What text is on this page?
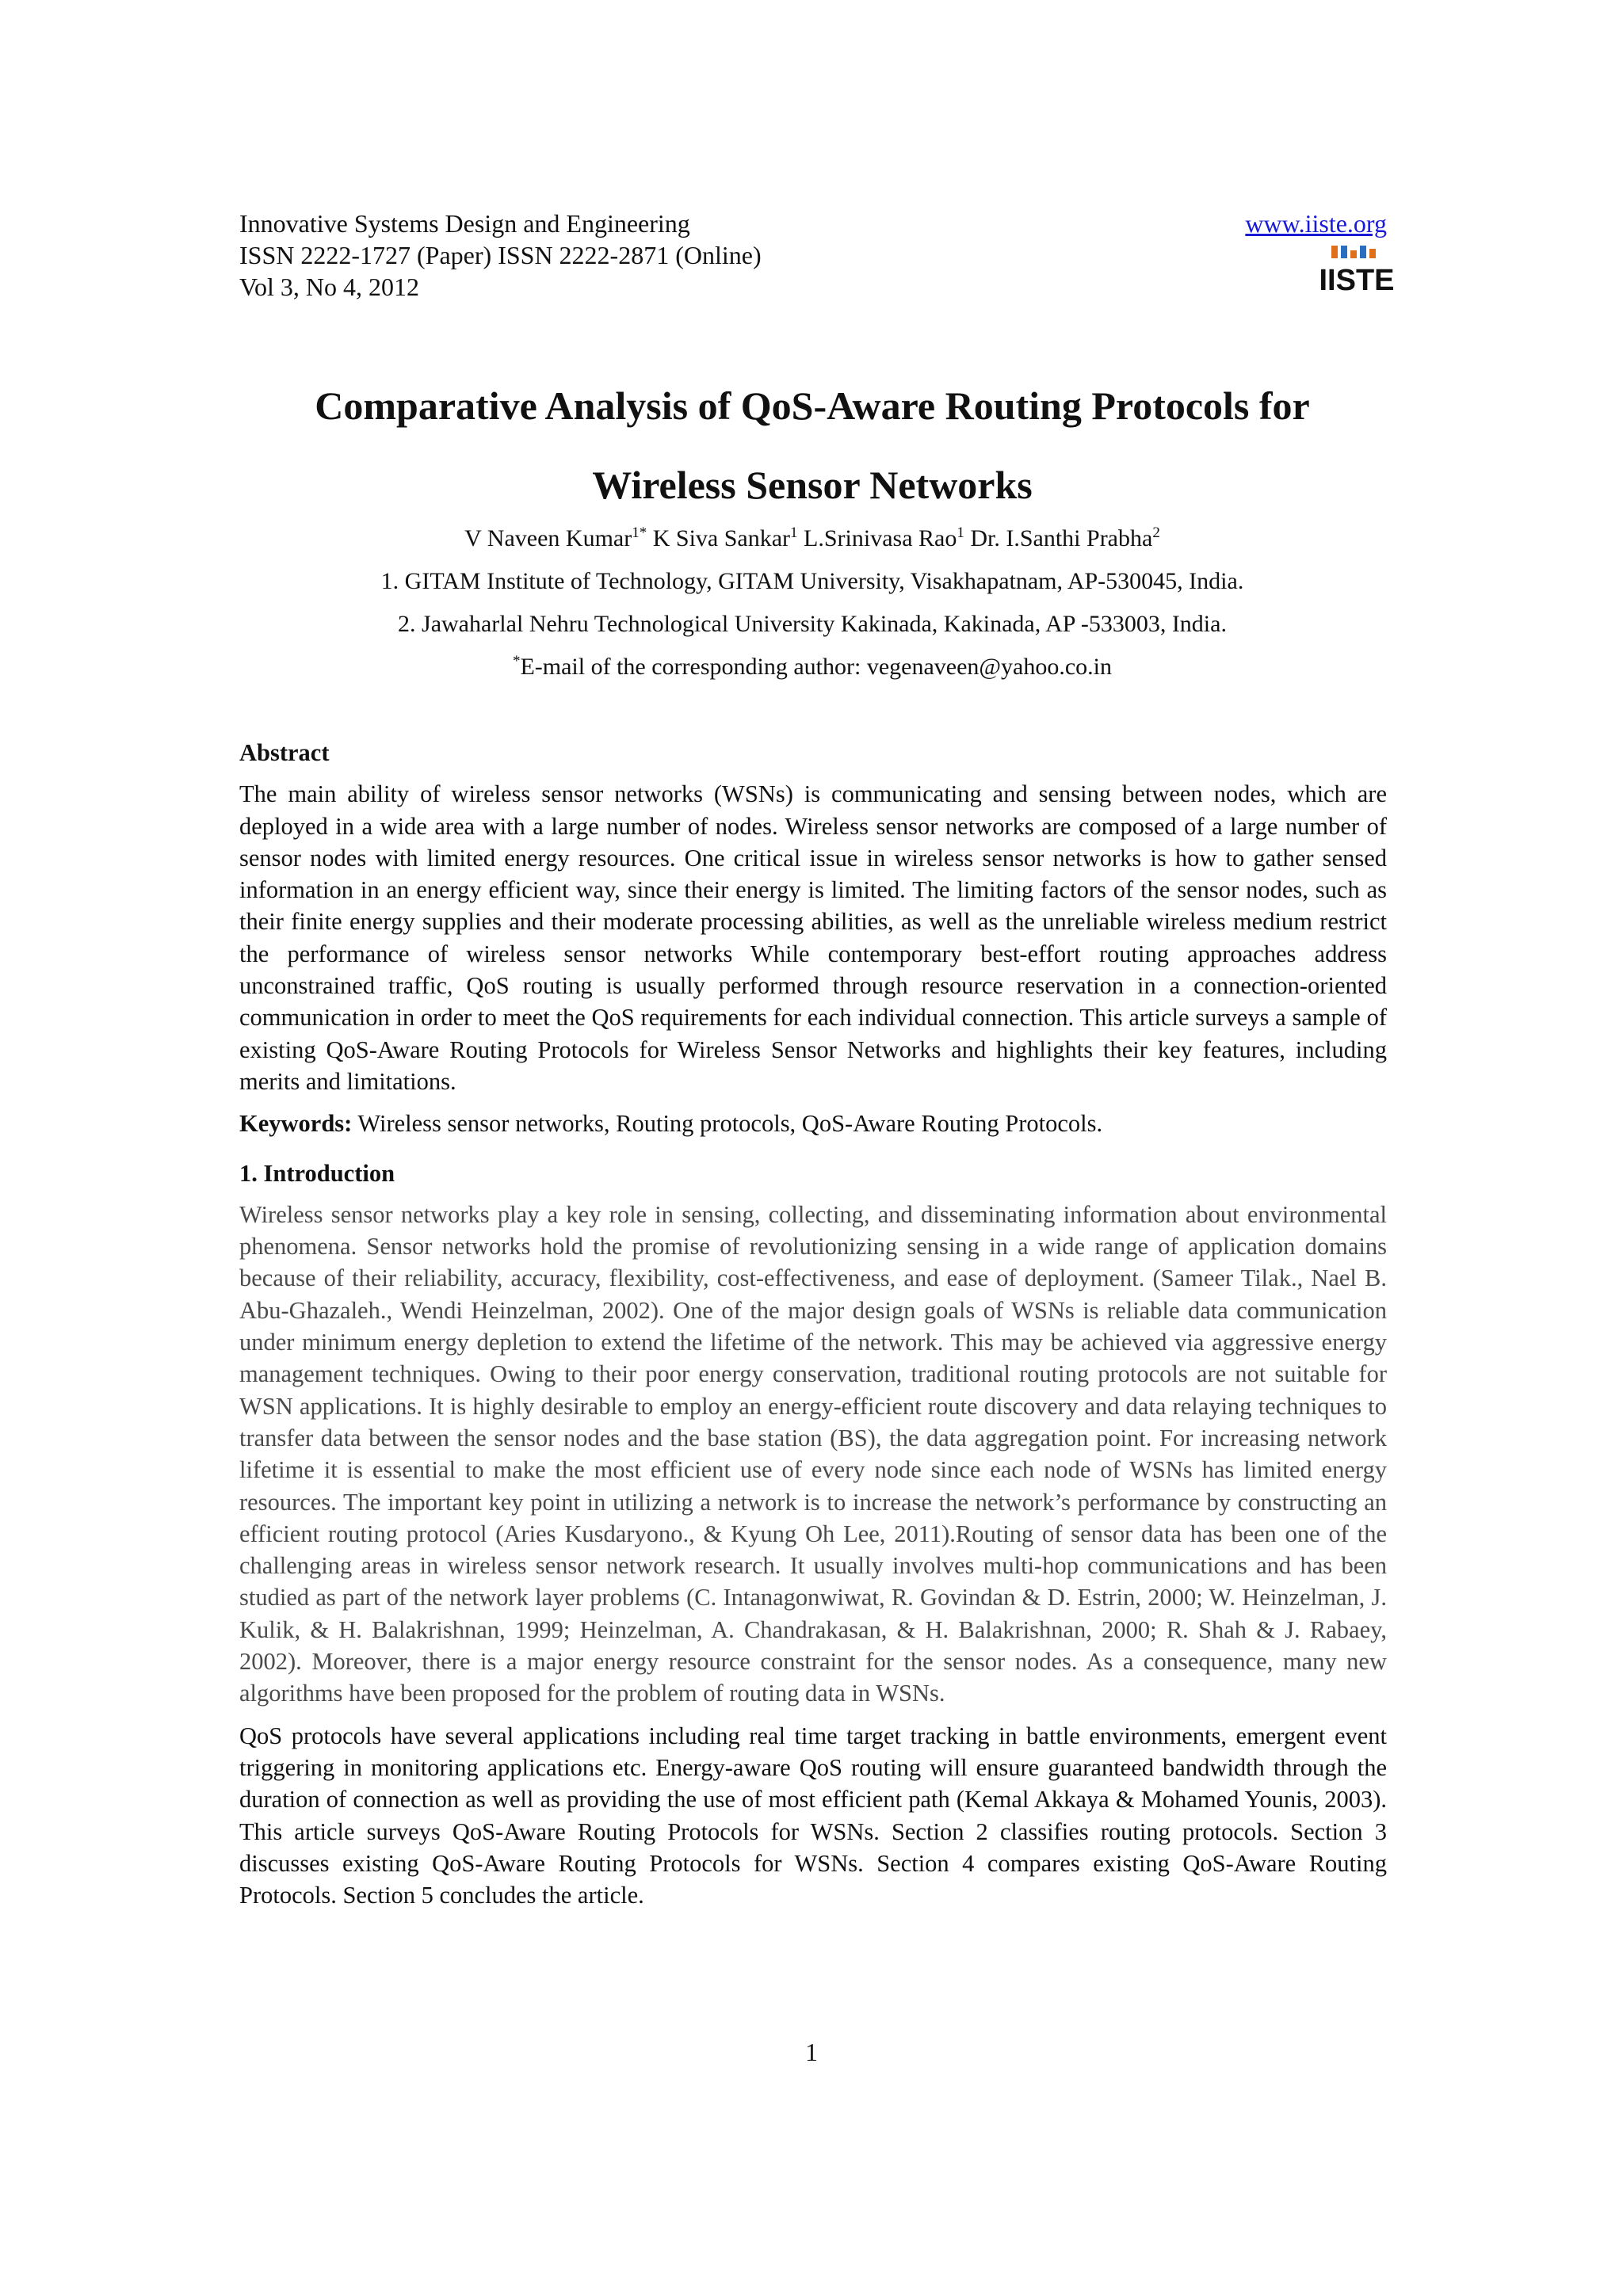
Innovative Systems Design and Engineering
ISSN 2222-1727 (Paper) ISSN 2222-2871 (Online)
Vol 3, No 4, 2012
www.iiste.org
IISTE
Comparative Analysis of QoS-Aware Routing Protocols for
Wireless Sensor Networks
V Naveen Kumar$^{1*}$ K Siva Sankar$^1$ L.Srinivasa Rao$^1$ Dr. I.Santhi Prabha$^2$
1. GITAM Institute of Technology, GITAM University, Visakhapatnam, AP-530045, India.
2. Jawaharlal Nehru Technological University Kakinada, Kakinada, AP -533003, India.
*E-mail of the corresponding author: vegenaveen@yahoo.co.in
Abstract

The main ability of wireless sensor networks (WSNs) is communicating and sensing between nodes, which are deployed in a wide area with a large number of nodes. Wireless sensor networks are composed of a large number of sensor nodes with limited energy resources. One critical issue in wireless sensor networks is how to gather sensed information in an energy efficient way, since their energy is limited. The limiting factors of the sensor nodes, such as their finite energy supplies and their moderate processing abilities, as well as the unreliable wireless medium restrict the performance of wireless sensor networks While contemporary best-effort routing approaches address unconstrained traffic, QoS routing is usually performed through resource reservation in a connection-oriented communication in order to meet the QoS requirements for each individual connection. This article surveys a sample of existing QoS-Aware Routing Protocols for Wireless Sensor Networks and highlights their key features, including merits and limitations.

Keywords: Wireless sensor networks, Routing protocols, QoS-Aware Routing Protocols.

1. Introduction

Wireless sensor networks play a key role in sensing, collecting, and disseminating information about environmental phenomena. Sensor networks hold the promise of revolutionizing sensing in a wide range of application domains because of their reliability, accuracy, flexibility, cost-effectiveness, and ease of deployment. (Sameer Tilak., Nael B. Abu-Ghazaleh., Wendi Heinzelman, 2002). One of the major design goals of WSNs is reliable data communication under minimum energy depletion to extend the lifetime of the network. This may be achieved via aggressive energy management techniques. Owing to their poor energy conservation, traditional routing protocols are not suitable for WSN applications. It is highly desirable to employ an energy-efficient route discovery and data relaying techniques to transfer data between the sensor nodes and the base station (BS), the data aggregation point. For increasing network lifetime it is essential to make the most efficient use of every node since each node of WSNs has limited energy resources. The important key point in utilizing a network is to increase the network’s performance by constructing an efficient routing protocol (Aries Kusdaryono., & Kyung Oh Lee, 2011).Routing of sensor data has been one of the challenging areas in wireless sensor network research. It usually involves multi-hop communications and has been studied as part of the network layer problems (C. Intanagonwiwat, R. Govindan & D. Estrin, 2000; W. Heinzelman, J. Kulik, & H. Balakrishnan, 1999; Heinzelman, A. Chandrakasan, & H. Balakrishnan, 2000; R. Shah & J. Rabaey, 2002). Moreover, there is a major energy resource constraint for the sensor nodes. As a consequence, many new algorithms have been proposed for the problem of routing data in WSNs.

QoS protocols have several applications including real time target tracking in battle environments, emergent event triggering in monitoring applications etc. Energy-aware QoS routing will ensure guaranteed bandwidth through the duration of connection as well as providing the use of most efficient path (Kemal Akkaya & Mohamed Younis, 2003). This article surveys QoS-Aware Routing Protocols for WSNs. Section 2 classifies routing protocols. Section 3 discusses existing QoS-Aware Routing Protocols for WSNs. Section 4 compares existing QoS-Aware Routing Protocols. Section 5 concludes the article.

1
